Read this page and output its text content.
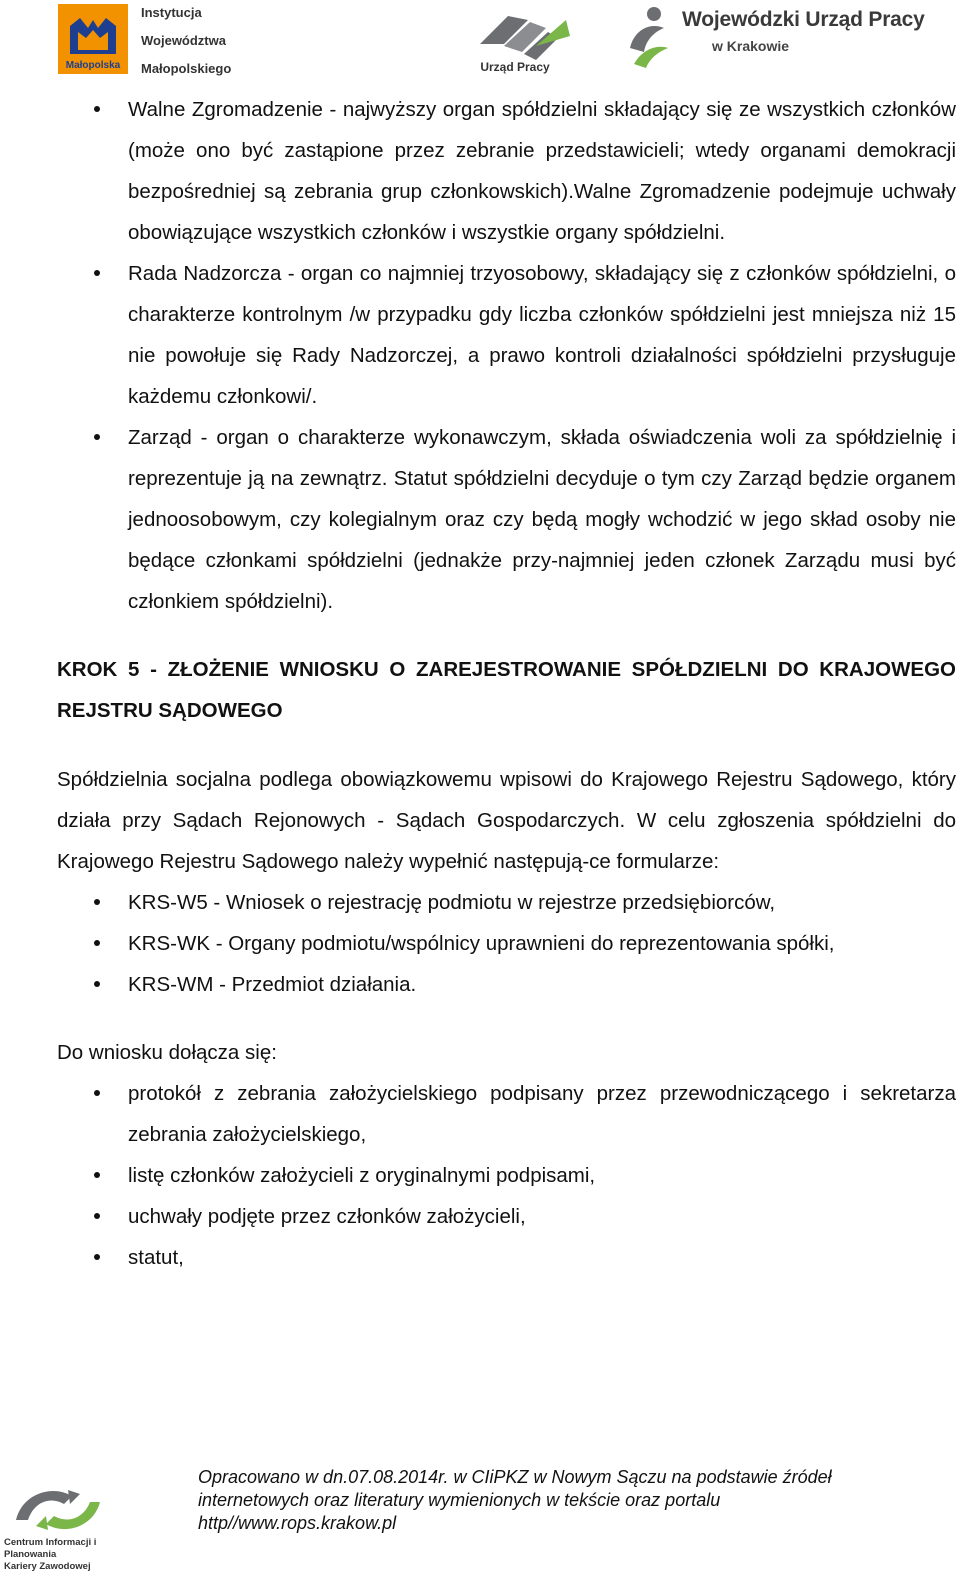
Małopolska
Instytucja
Województwa
Małopolskiego	Urząd Pracy
Wojewódzki Urząd Pracy
w Krakowie
Walne Zgromadzenie - najwyższy organ spółdzielni składający się ze wszystkich członków (może ono być zastąpione przez zebranie przedstawicieli; wtedy organami demokracji bezpośredniej są zebrania grup członkowskich).Walne Zgromadzenie podejmuje uchwały obowiązujące wszystkich członków i wszystkie organy spółdzielni.
Rada Nadzorcza - organ co najmniej trzyosobowy, składający się z członków spółdzielni, o charakterze kontrolnym /w przypadku gdy liczba członków spółdzielni jest mniejsza niż 15 nie powołuje się Rady Nadzorczej, a prawo kontroli działalności spółdzielni przysługuje każdemu członkowi/.
Zarząd - organ o charakterze wykonawczym, składa oświadczenia woli za spółdzielnię i reprezentuje ją na zewnątrz. Statut spółdzielni decyduje o tym czy Zarząd będzie organem jednoosobowym, czy kolegialnym oraz czy będą mogły wchodzić w jego skład osoby nie będące członkami spółdzielni (jednakże przy-najmniej jeden członek Zarządu musi być członkiem spółdzielni).
KROK 5 - ZŁOŻENIE WNIOSKU O ZAREJESTROWANIE SPÓŁDZIELNI DO KRAJOWEGO REJSTRU SĄDOWEGO

Spółdzielnia socjalna podlega obowiązkowemu wpisowi do Krajowego Rejestru Sądowego, który działa przy Sądach Rejonowych - Sądach Gospodarczych. W celu zgłoszenia spółdzielni do Krajowego Rejestru Sądowego należy wypełnić następują-ce formularze:

KRS-W5 - Wniosek o rejestrację podmiotu w rejestrze przedsiębiorców,
KRS-WK - Organy podmiotu/wspólnicy uprawnieni do reprezentowania spółki,
KRS-WM - Przedmiot działania.

Do wniosku dołącza się:

protokół z zebrania założycielskiego podpisany przez przewodniczącego i sekretarza zebrania założycielskiego,
listę członków założycieli z oryginalnymi podpisami,
uchwały podjęte przez członków założycieli,
statut,
Centrum Informacji i Planowania
Kariery Zawodowej
Opracowano w dn.07.08.2014r. w CIiPKZ w Nowym Sączu na podstawie źródeł
internetowych oraz literatury wymienionych w tekście oraz portalu
http//www.rops.krakow.pl
